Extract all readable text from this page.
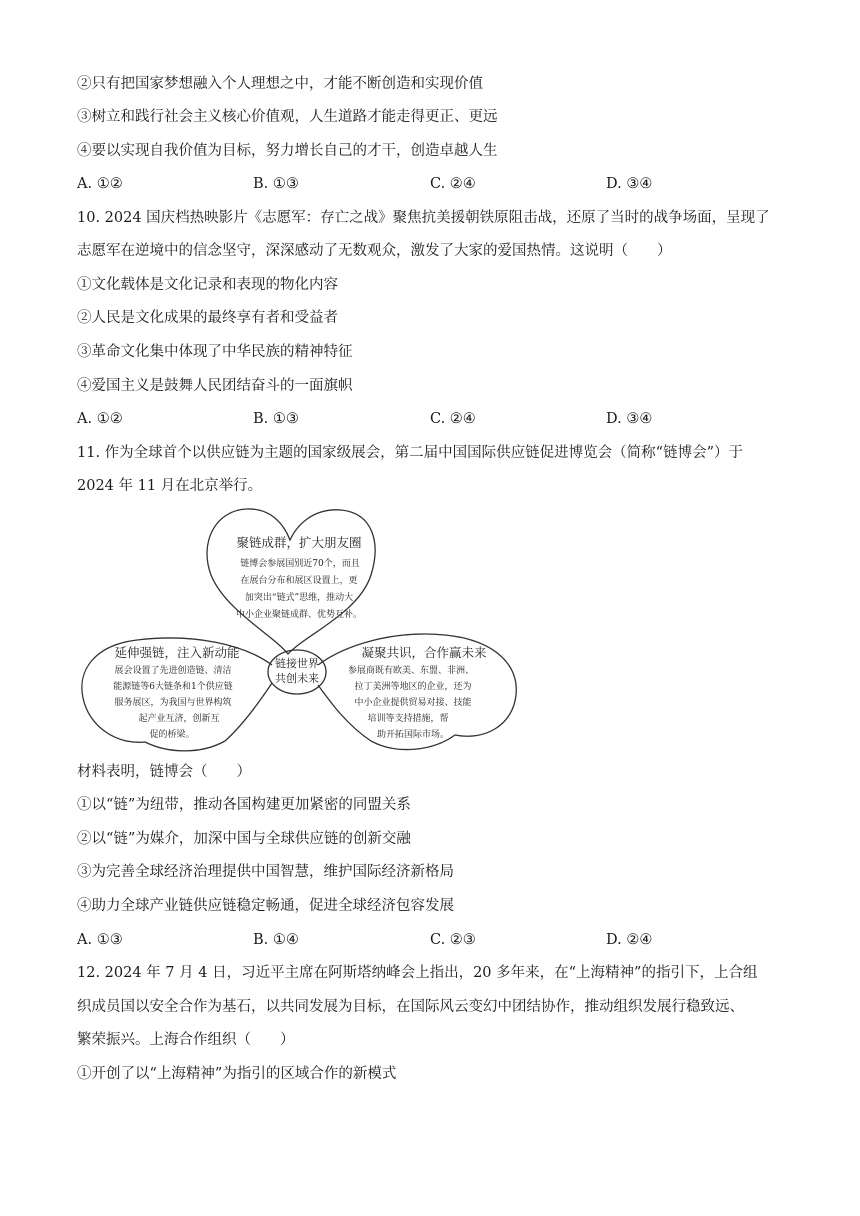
②只有把国家梦想融入个人理想之中，才能不断创造和实现价值
③树立和践行社会主义核心价值观，人生道路才能走得更正、更远
④要以实现自我价值为目标，努力增长自己的才干，创造卓越人生
A. ①②	B. ①③	C. ②④	D. ③④
10. 2024 国庆档热映影片《志愿军：存亡之战》聚焦抗美援朝铁原阻击战，还原了当时的战争场面，呈现了
志愿军在逆境中的信念坚守，深深感动了无数观众，激发了大家的爱国热情。这说明（　　）
①文化载体是文化记录和表现的物化内容
②人民是文化成果的最终享有者和受益者
③革命文化集中体现了中华民族的精神特征
④爱国主义是鼓舞人民团结奋斗的一面旗帜
A. ①②	B. ①③	C. ②④	D. ③④
11. 作为全球首个以供应链为主题的国家级展会，第二届中国国际供应链促进博览会（简称“链博会”）于
2024 年 11 月在北京举行。
链接世界
共创未来
聚链成群，扩大朋友圈
链博会参展国别近70个，而且
在展台分布和展区设置上，更
加突出“链式”思维，推动大
中小企业聚链成群、优势互补。
延伸强链，注入新动能
展会设置了先进创造链、清洁
能源链等6大链条和1个供应链
服务展区，为我国与世界构筑
起产业互济，创新互
促的桥梁。
凝聚共识，合作赢未来
参展商既有欧美、东盟、非洲、
拉丁美洲等地区的企业，还为
中小企业提供贸易对接、技能
培训等支持措施，帮
助开拓国际市场。
材料表明，链博会（　　）
①以“链”为纽带，推动各国构建更加紧密的同盟关系
②以“链”为媒介，加深中国与全球供应链的创新交融
③为完善全球经济治理提供中国智慧，维护国际经济新格局
④助力全球产业链供应链稳定畅通，促进全球经济包容发展
A. ①③	B. ①④	C. ②③	D. ②④
12. 2024 年 7 月 4 日，习近平主席在阿斯塔纳峰会上指出，20 多年来，在“上海精神”的指引下，上合组
织成员国以安全合作为基石，以共同发展为目标，在国际风云变幻中团结协作，推动组织发展行稳致远、
繁荣振兴。上海合作组织（　　）
①开创了以“上海精神”为指引的区域合作的新模式
